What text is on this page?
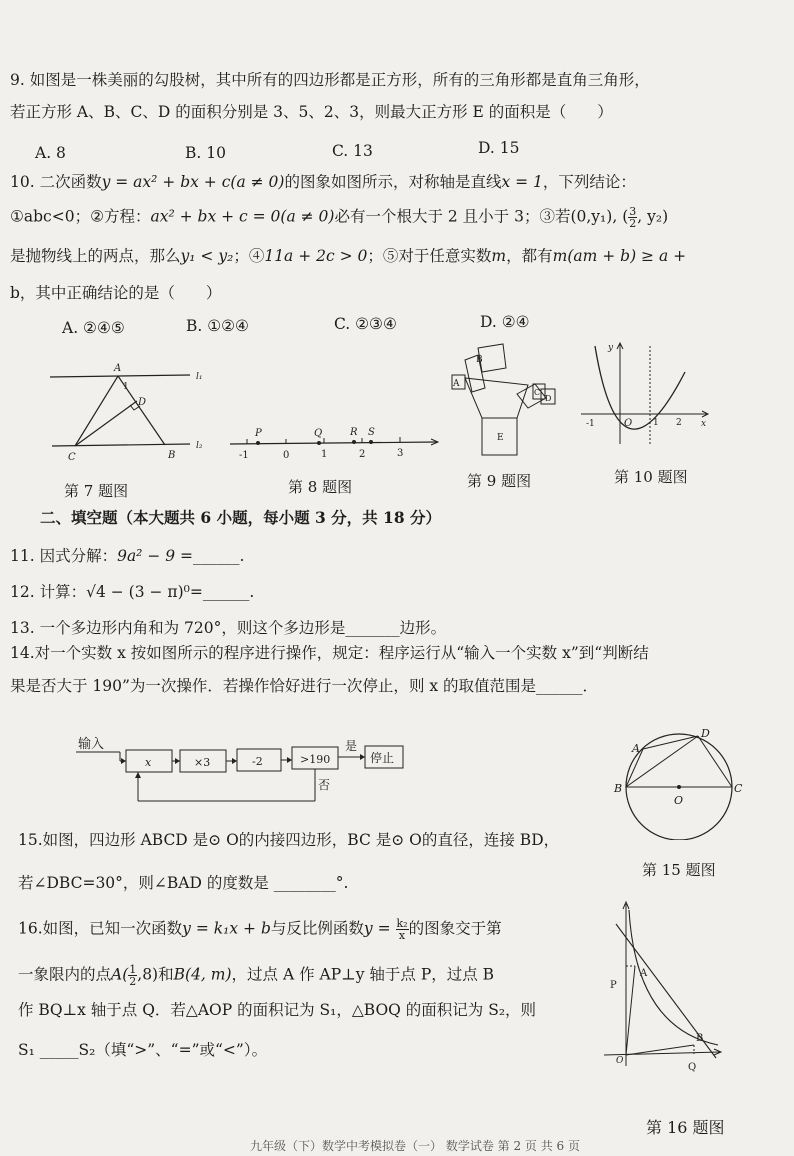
9. 如图是一株美丽的勾股树，其中所有的四边形都是正方形，所有的三角形都是直角三角形，
若正方形 A、B、C、D 的面积分别是 3、5、2、3，则最大正方形 E 的面积是（　　）
A. 8	B. 10	C. 13	D. 15
10. 二次函数y = ax² + bx + c(a ≠ 0)的图象如图所示，对称轴是直线x = 1，下列结论：
①abc<0；②方程：ax² + bx + c = 0(a ≠ 0)必有一个根大于 2 且小于 3；③若(0,y₁), ( $\frac{3}{2}$ , y₂)
是抛物线上的两点，那么y₁ < y₂；④11a + 2c > 0；⑤对于任意实数m，都有m(am + b) ≥ a +
b，其中正确结论的是（　　）
A. ②④⑤	B. ①②④	C. ②③④	D. ②④
A
1
D
C	B
l₁
l₂
第 7 题图
P	Q	R S
-1	0	1	2	3
第 8 题图
B
A
C
D
E
第 9 题图
y
-1	O 1 2 x
第 10 题图
二、填空题（本大题共 6 小题，每小题 3 分，共 18 分）
11. 因式分解：9a² − 9 =______.
12. 计算：√4 − (3 − π)⁰=______.
13. 一个多边形内角和为 720°，则这个多边形是_______边形。
14.对一个实数 x 按如图所示的程序进行操作，规定：程序运行从“输入一个实数 x”到“判断结
果是否大于 190”为一次操作．若操作恰好进行一次停止，则 x 的取值范围是______．
输入
x	×3	-2	>190
是
停止
否
A
D
B
O
C
15.如图，四边形 ABCD 是⊙ O的内接四边形，BC 是⊙ O的直径，连接 BD，
若∠DBC=30°，则∠BAD 的度数是 ________°.
第 15 题图
16.如图，已知一次函数y = k₁x + b与反比例函数$y = \frac{\text{k₂}}{x}$ 的图象交于第
一象限内的点$A( \frac{1}{2} ,8)$和B(4, m)，过点 A 作 AP⊥y 轴于点 P，过点 B
作 BQ⊥x 轴于点 Q．若△AOP 的面积记为 S₁，△BOQ 的面积记为 S₂，则
S₁ _____S₂（填“>”、“=”或“<”）。
P
A
B
Q
O
第 16 题图
九年级（下）数学中考模拟卷（一） 数学试卷 第 2 页 共 6 页
